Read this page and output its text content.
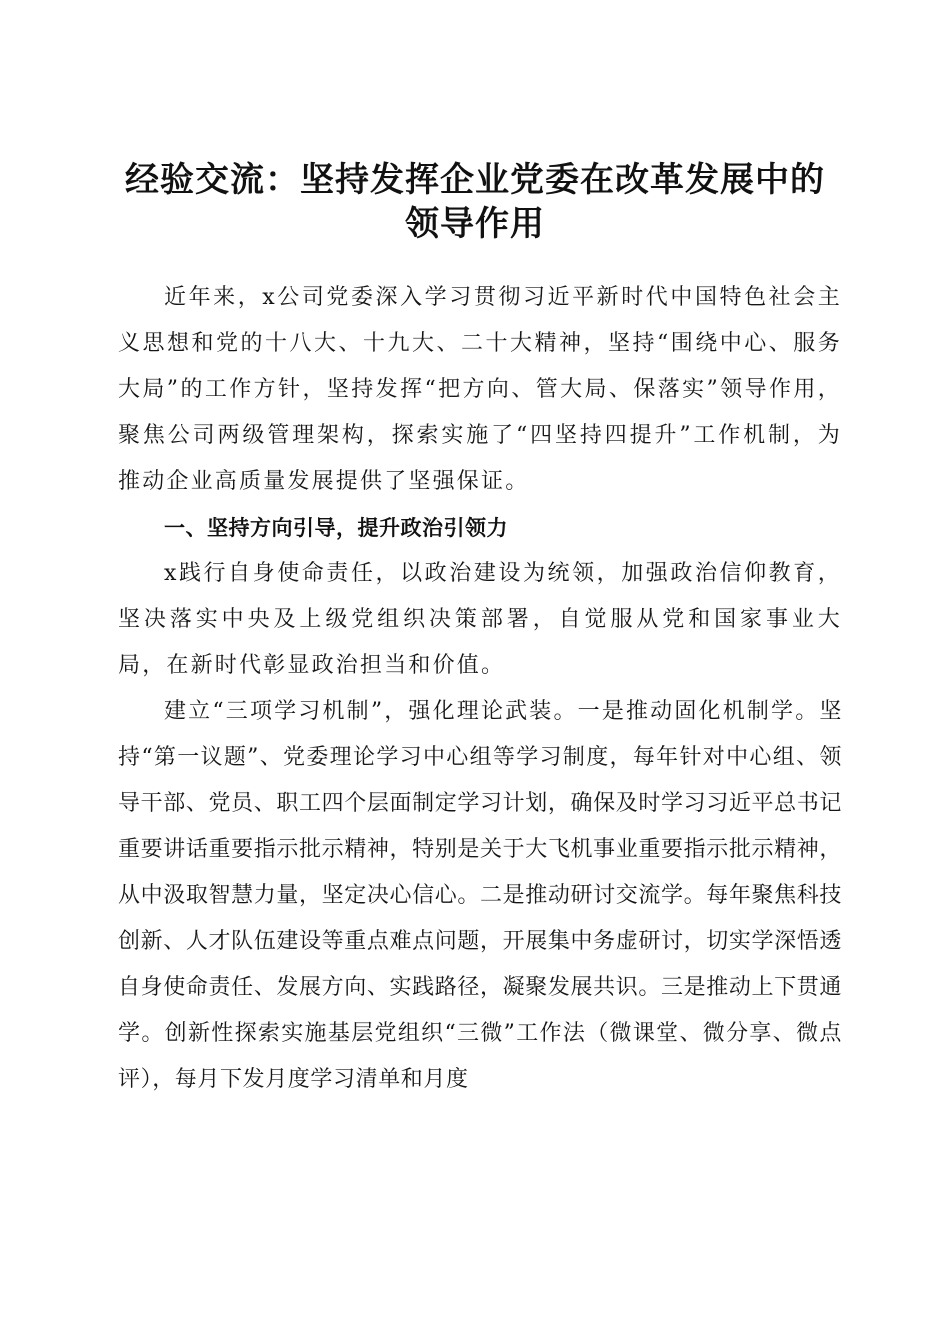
经验交流：坚持发挥企业党委在改革发展中的
领导作用

近年来，x公司党委深入学习贯彻习近平新时代中国特色社会主义思想和党的十八大、十九大、二十大精神，坚持“围绕中心、服务大局”的工作方针，坚持发挥“把方向、管大局、保落实”领导作用，聚焦公司两级管理架构，探索实施了“四坚持四提升”工作机制，为推动企业高质量发展提供了坚强保证。

一、坚持方向引导，提升政治引领力

x践行自身使命责任，以政治建设为统领，加强政治信仰教育，坚决落实中央及上级党组织决策部署，自觉服从党和国家事业大局，在新时代彰显政治担当和价值。

建立“三项学习机制”，强化理论武装。一是推动固化机制学。坚持“第一议题”、党委理论学习中心组等学习制度，每年针对中心组、领导干部、党员、职工四个层面制定学习计划，确保及时学习习近平总书记重要讲话重要指示批示精神，特别是关于大飞机事业重要指示批示精神，从中汲取智慧力量，坚定决心信心。二是推动研讨交流学。每年聚焦科技创新、人才队伍建设等重点难点问题，开展集中务虚研讨，切实学深悟透自身使命责任、发展方向、实践路径，凝聚发展共识。三是推动上下贯通学。创新性探索实施基层党组织“三微”工作法（微课堂、微分享、微点评），每月下发月度学习清单和月度
